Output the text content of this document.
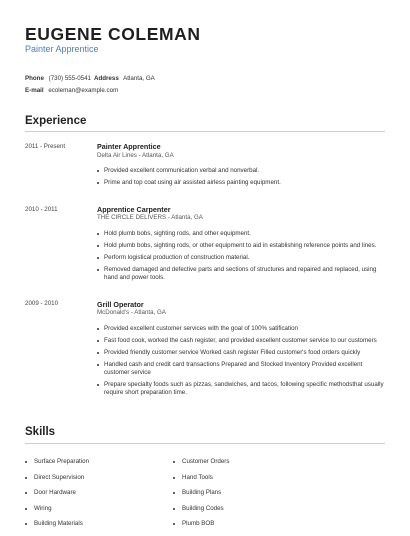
EUGENE COLEMAN
Painter Apprentice
Phone (730) 555-0541 Address Atlanta, GA
E-mail ecoleman@example.com
Experience
2011 - Present	Painter Apprentice
Delta Air Lines - Atlanta, GA
Provided excellent communication verbal and nonverbal.
Prime and top coat using air assisted airless painting equipment.
2010 - 2011	Apprentice Carpenter
THE CIRCLE DELIVERS - Atlanta, GA
Hold plumb bobs, sighting rods, and other equipment.
Hold plumb bobs, sighting rods, or other equipment to aid in establishing reference points and lines.
Perform logistical production of construction material.
Removed damaged and defective parts and sections of structures and repaired and replaced, using hand and power tools.
2009 - 2010	Grill Operator
McDonald's - Atlanta, GA
Provided excellent customer services with the goal of 100% satification
Fast food cook, worked the cash register, and provided excellent customer service to our customers
Provided friendly customer service Worked cash register Filled customer's food orders quickly
Handled cash and credit card transactions Prepared and Stocked Inventory Provided excellent customer service
Prepare specialty foods such as pizzas, sandwiches, and tacos, following specific methodsthat usually require short preparation time.
Skills
Surface Preparation
Direct Supervision
Door Hardware
Wiring
Building Materials
Customer Orders
Hand Tools
Building Plans
Building Codes
Plumb BOB
